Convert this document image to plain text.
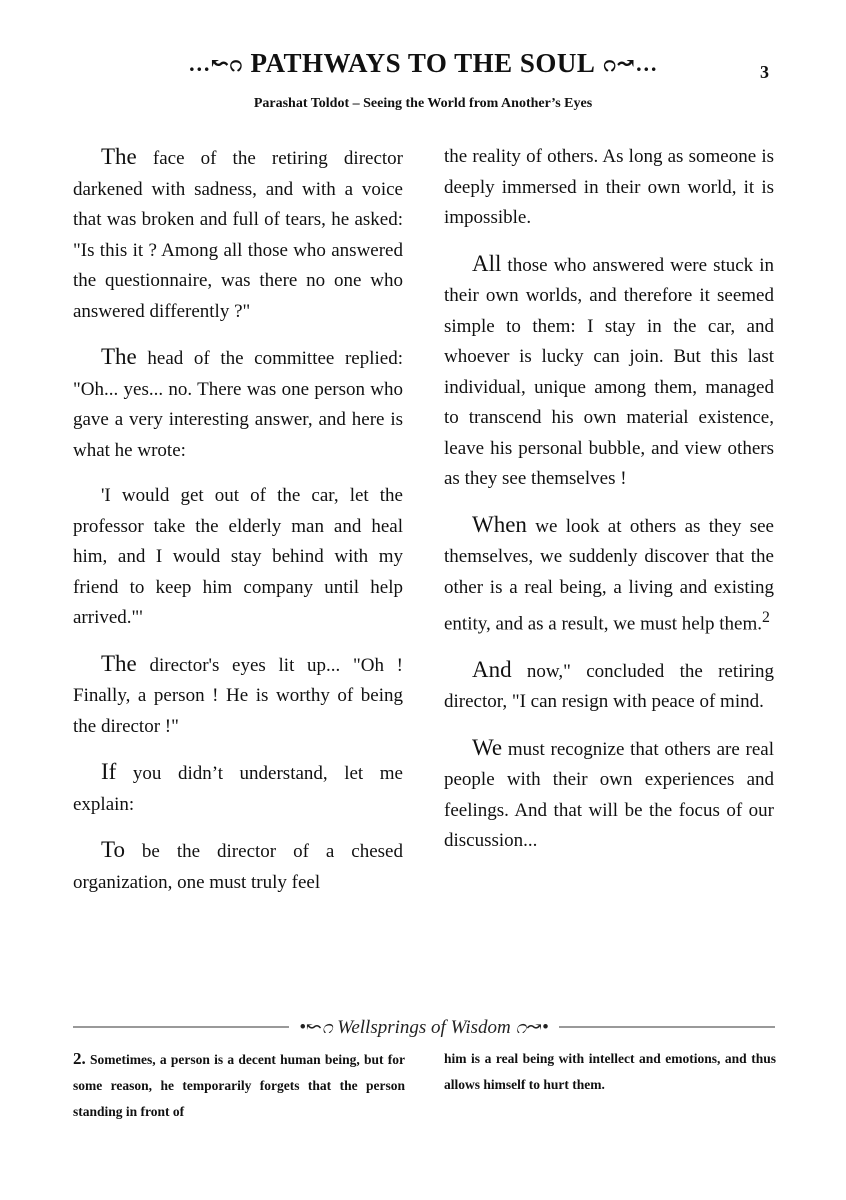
…↜೧ PATHWAYS TO THE SOUL ೧↝…	3
Parashat Toldot – Seeing the World from Another’s Eyes

The face of the retiring director darkened with sadness, and with a voice that was broken and full of tears, he asked: "Is this it ? Among all those who answered the questionnaire, was there no one who answered differently ?"

The head of the committee replied: "Oh... yes... no. There was one person who gave a very interesting answer, and here is what he wrote:

'I would get out of the car, let the professor take the elderly man and heal him, and I would stay behind with my friend to keep him company until help arrived."'

The director's eyes lit up... "Oh ! Finally, a person ! He is worthy of being the director !"

If you didn’t understand, let me explain:

To be the director of a chesed organization, one must truly feel

the reality of others. As long as someone is deeply immersed in their own world, it is impossible.

All those who answered were stuck in their own worlds, and therefore it seemed simple to them: I stay in the car, and whoever is lucky can join. But this last individual, unique among them, managed to transcend his own material existence, leave his personal bubble, and view others as they see themselves !

When we look at others as they see themselves, we suddenly discover that the other is a real being, a living and existing entity, and as a result, we must help them.$^2$

And now," concluded the retiring director, "I can resign with peace of mind.

We must recognize that others are real people with their own experiences and feelings. And that will be the focus of our discussion...

•↜೧ Wellsprings of Wisdom ೧↝•

2. Sometimes, a person is a decent human being, but for some reason, he temporarily forgets that the person standing in front of

him is a real being with intellect and emotions, and thus allows himself to hurt them.
